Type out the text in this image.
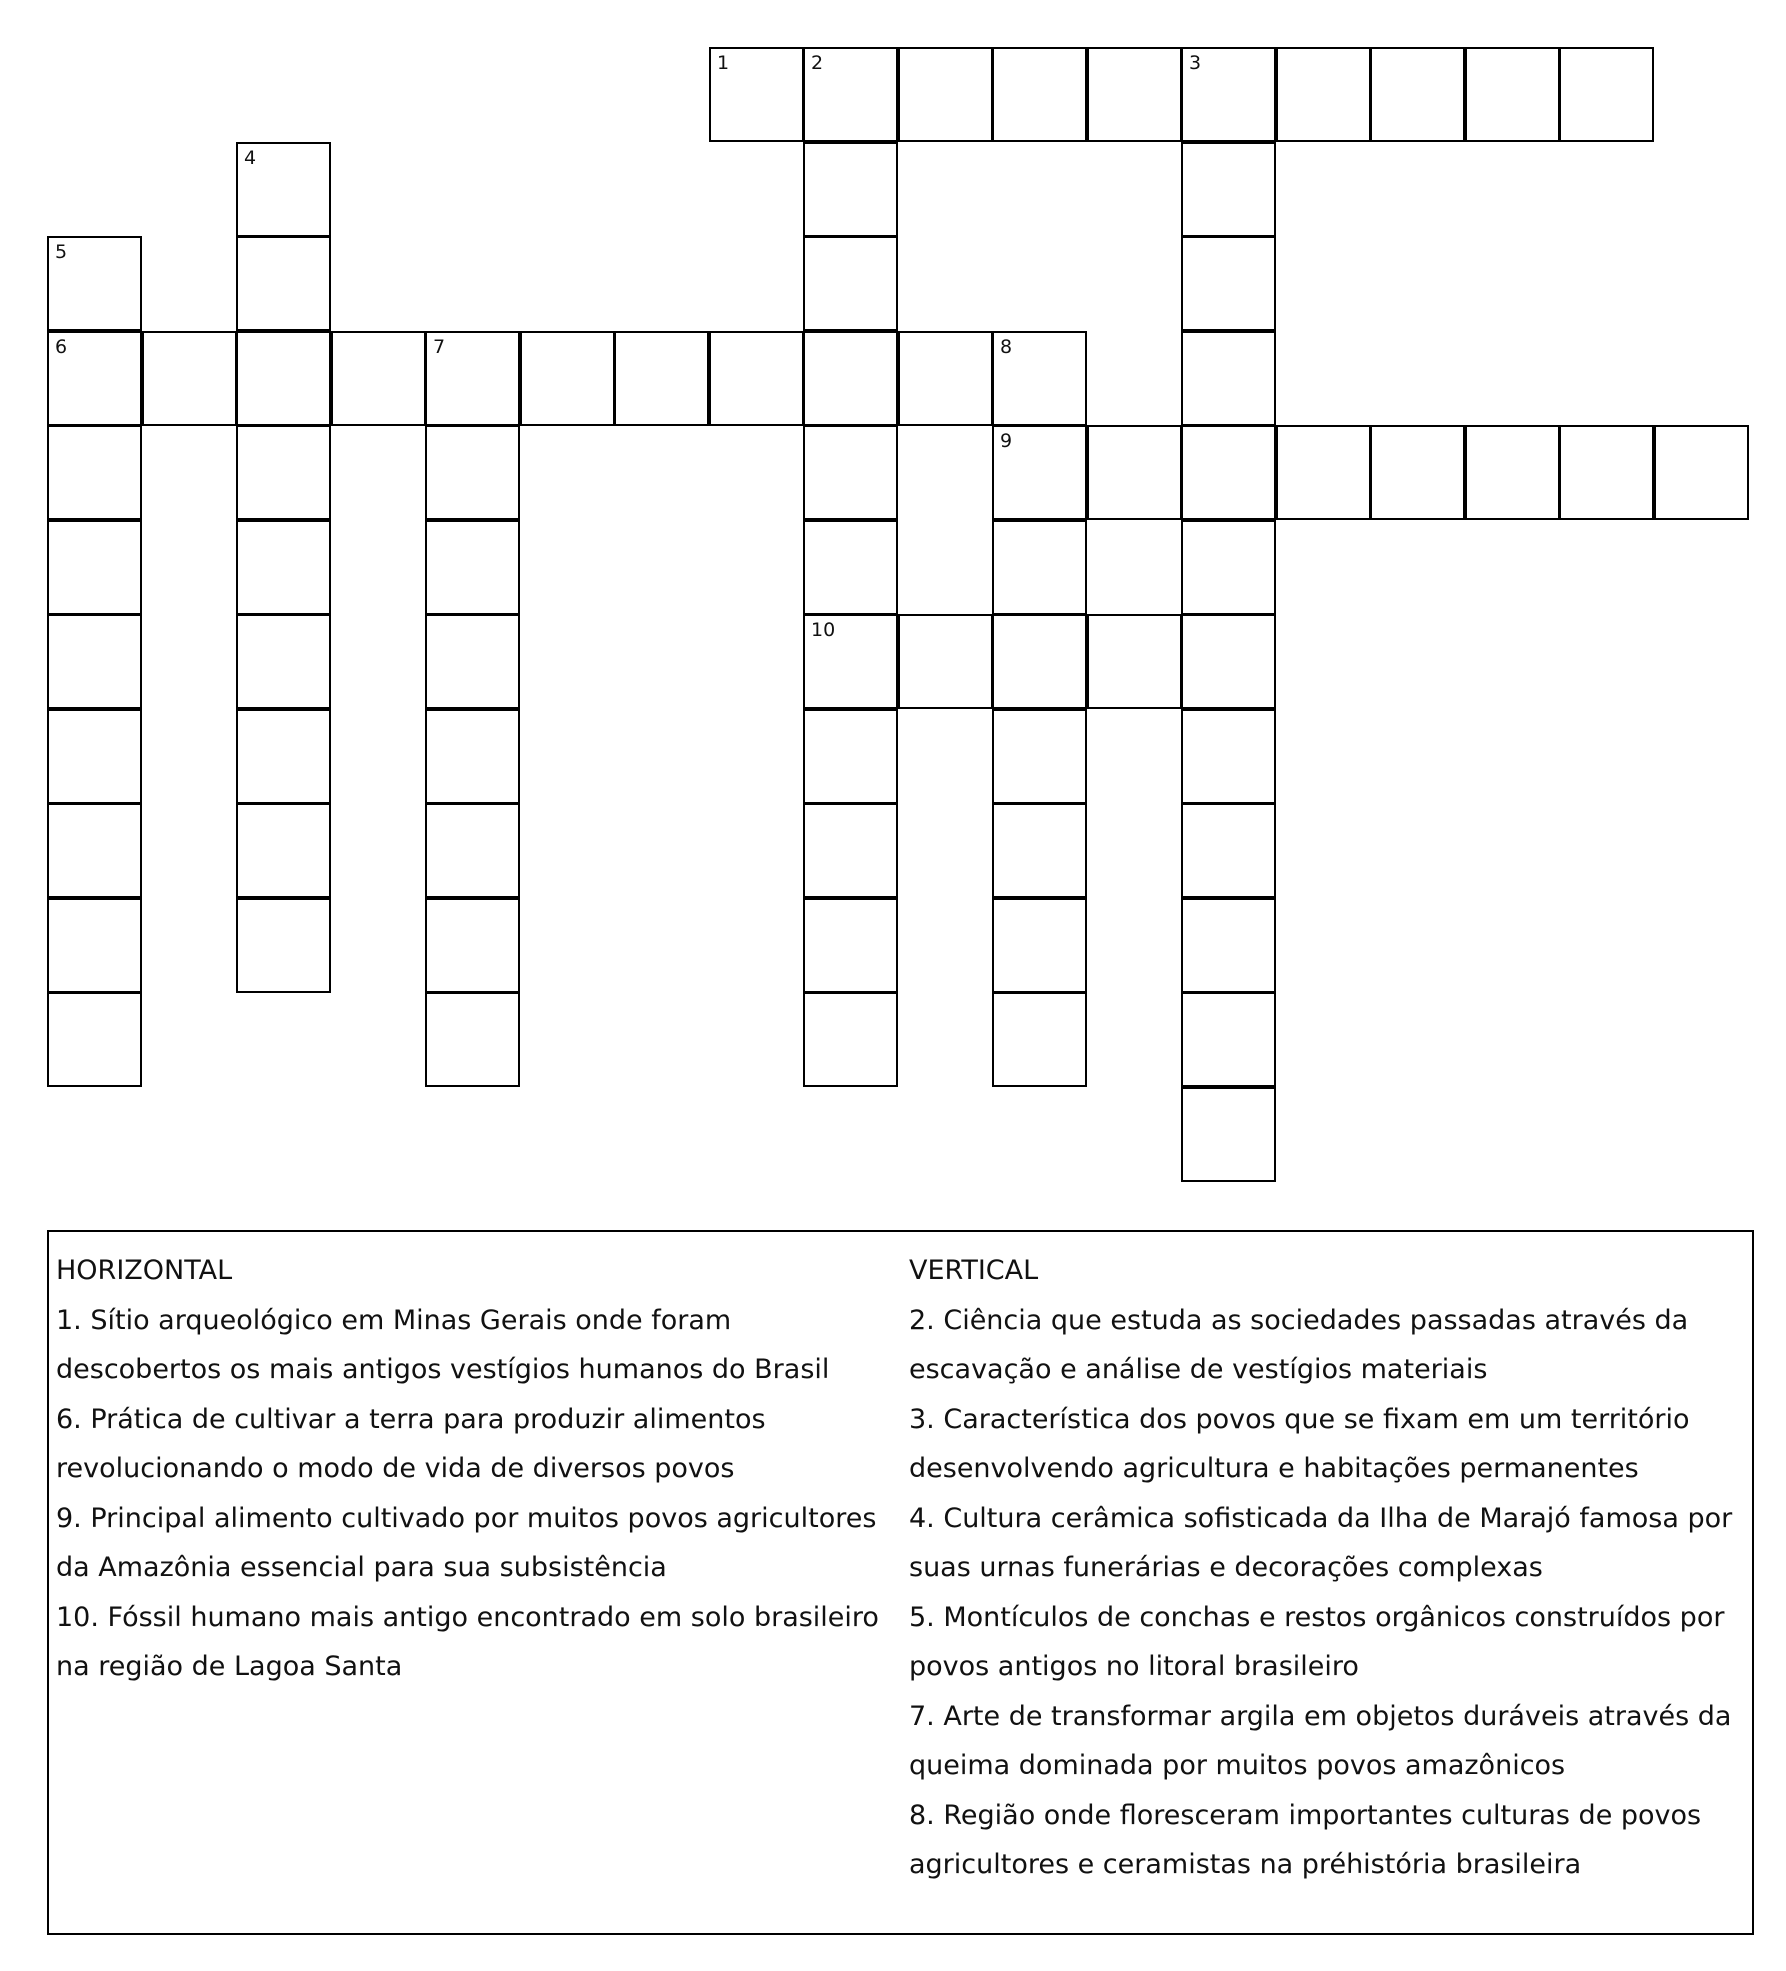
1	2	3
4
5
6	7	8
9
10

HORIZONTAL

1. Sítio arqueológico em Minas Gerais onde foram descobertos os mais antigos vestígios humanos do Brasil

6. Prática de cultivar a terra para produzir alimentos revolucionando o modo de vida de diversos povos

9. Principal alimento cultivado por muitos povos agricultores da Amazônia essencial para sua subsistência

10. Fóssil humano mais antigo encontrado em solo brasileiro na região de Lagoa Santa

VERTICAL

2. Ciência que estuda as sociedades passadas através da escavação e análise de vestígios materiais

3. Característica dos povos que se fixam em um território desenvolvendo agricultura e habitações permanentes

4. Cultura cerâmica sofisticada da Ilha de Marajó famosa por suas urnas funerárias e decorações complexas

5. Montículos de conchas e restos orgânicos construídos por povos antigos no litoral brasileiro

7. Arte de transformar argila em objetos duráveis através da queima dominada por muitos povos amazônicos

8. Região onde floresceram importantes culturas de povos agricultores e ceramistas na préhistória brasileira
